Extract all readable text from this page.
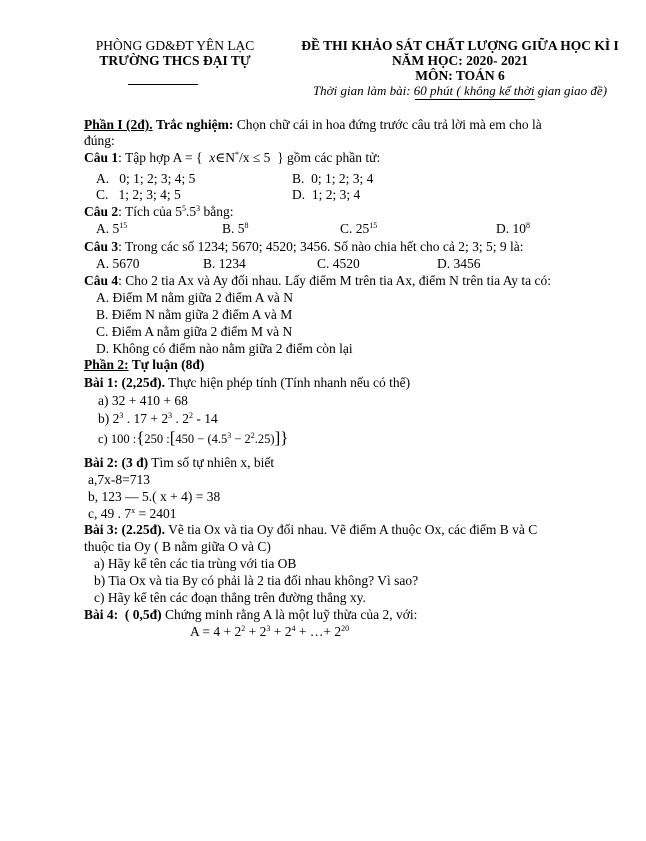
PHÒNG GD&ĐT YÊN LẠC
TRƯỜNG THCS ĐẠI TỰ
ĐỀ THI KHẢO SÁT CHẤT LƯỢNG GIỮA HỌC KÌ I
NĂM HỌC: 2020- 2021
MÔN: TOÁN 6
Thời gian làm bài: 60 phút ( không kể thời gian giao đề)
Phần I (2đ). Trắc nghiệm: Chọn chữ cái in hoa đứng trước câu trả lời mà em cho là
đúng:
Câu 1: Tập hợp A = { x∈N*/x ≤ 5 } gồm các phần tử:
A. 0; 1; 2; 3; 4; 5	B. 0; 1; 2; 3; 4
C. 1; 2; 3; 4; 5	D. 1; 2; 3; 4
Câu 2: Tích của $5^5.5^3$ bằng:
A. $5^{15}$	B. $5^8$	C. $25^{15}$	D. $10^8$
Câu 3: Trong các số 1234; 5670; 4520; 3456. Số nào chia hết cho cả 2; 3; 5; 9 là:
A. 5670	B. 1234	C. 4520	D. 3456
Câu 4: Cho 2 tia Ax và Ay đối nhau. Lấy điểm M trên tia Ax, điểm N trên tia Ay ta có:
A. Điểm M nằm giữa 2 điểm A và N
B. Điểm N nằm giữa 2 điểm A và M
C. Điểm A nằm giữa 2 điểm M và N
D. Không có điểm nào nằm giữa 2 điểm còn lại
Phần 2: Tự luận (8đ)
Bài 1: (2,25đ). Thực hiện phép tính (Tính nhanh nếu có thể)
a) 32 + 410 + 68
b) $2^3$ . $17 + 2^3$ . $2^2 - 14$
c) 100 :{250 :[450 − $(4.5^3 - 2^2.25)$]}
Bài 2: (3 đ) Tìm số tự nhiên x, biết
a,7x-8=713
b, 123 — 5.( x + 4) = 38
c, 49 . $7^x = 2401$
Bài 3: (2.25đ). Vẽ tia Ox và tia Oy đối nhau. Vẽ điểm A thuộc Ox, các điểm B và C
thuộc tia Oy ( B nằm giữa O và C)
a) Hãy kể tên các tia trùng với tia OB
b) Tia Ox và tia By có phải là 2 tia đối nhau không? Vì sao?
c) Hãy kể tên các đoạn thẳng trên đường thẳng xy.
Bài 4: ( 0,5đ) Chứng minh rằng A là một luỹ thừa của 2, với:
$A = 4 + 2^2 + 2^3 + 2^4$ + …+ $2^{20}$
